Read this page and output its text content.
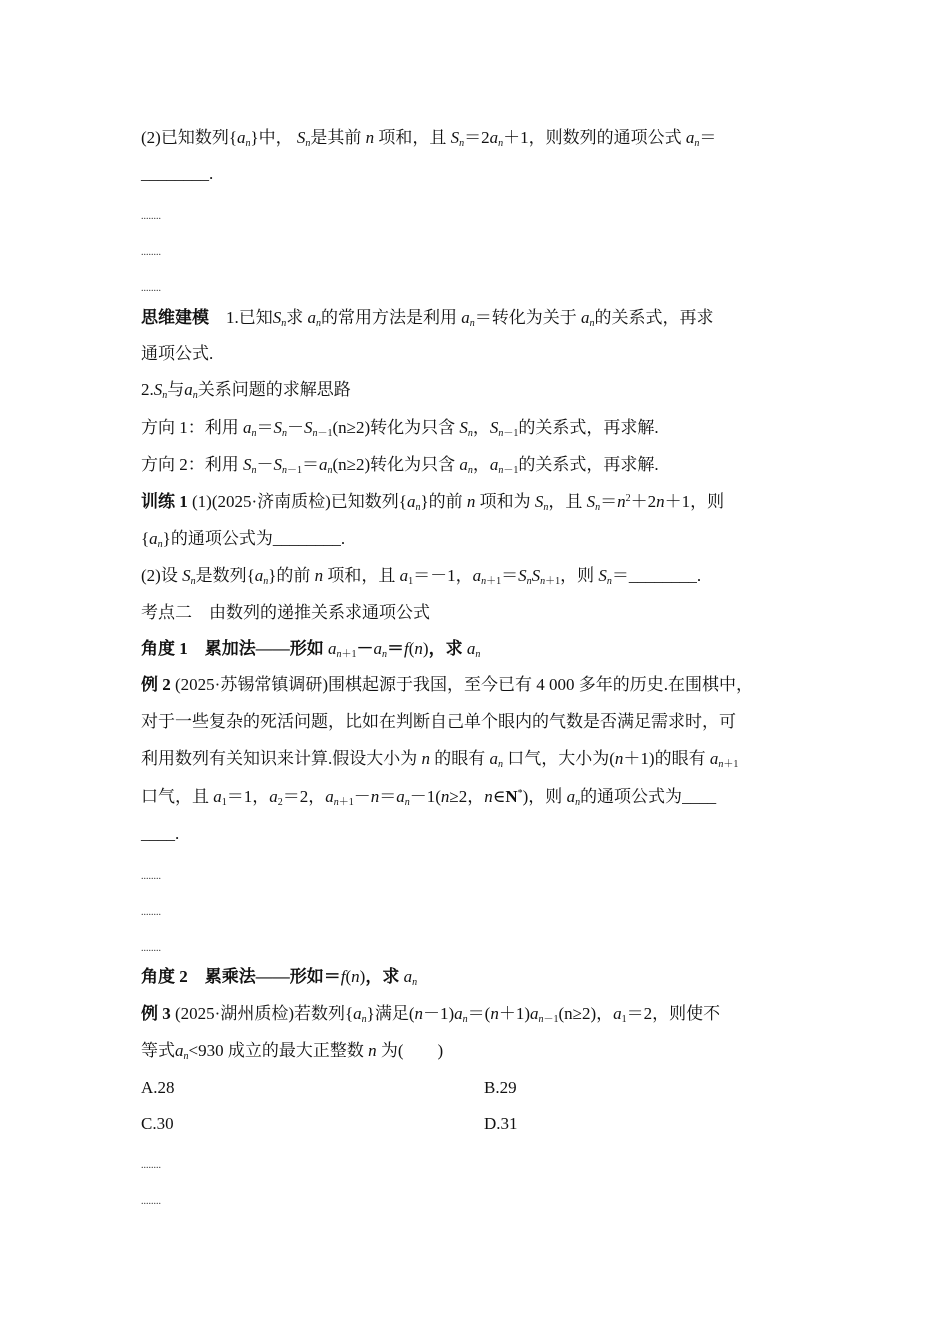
(2)已知数列$\{a_n\}$中， $S_n$是其前 n 项和，且 $S_n=2a_n+1$，则数列的通项公式 $a_n=$
________.
........
........
........
思维建模 1.已知$S_n$求 $a_n$的常用方法是利用 $a_n=$转化为关于 $a_n$的关系式，再求
通项公式.
$2.S_n$与$a_n$关系问题的求解思路
方向 1：利用 $a_n=S_n-S_{n-1}(n\ge 2)$转化为只含 $S_n$，$S_{n-1}$的关系式，再求解.
方向 2：利用 $S_n-S_{n-1}=a_n(n\ge 2)$转化为只含 $a_n$，$a_{n-1}$的关系式，再求解.
训练 1 (1)(2025·济南质检)已知数列$\{a_n\}$的前 n 项和为 $S_n$，且 $S_n=n^2+2n+1$，则
$\{a_n\}$的通项公式为________.
(2)设 $S_n$是数列$\{a_n\}$的前 n 项和，且 $a_1=-1$，$a_{n+1}=S_nS_{n+1}$，则 $S_n=\_\_\_\_\_\_\_\_$.
考点二　由数列的递推关系求通项公式
角度 1　累加法——形如 $a_{n+1}-a_n=f(n)$，求 $a_n$
例 2 (2025·苏锡常镇调研)围棋起源于我国，至今已有 4 000 多年的历史.在围棋中，
对于一些复杂的死活问题，比如在判断自己单个眼内的气数是否满足需求时，可
利用数列有关知识来计算.假设大小为 n 的眼有 $a_n$ 口气，大小为(n＋1)的眼有 $a_{n+1}$
口气，且 $a_1=1$，$a_2=2$，$a_{n+1}-n=a_n-1(n\ge 2$，n∈N*)，则 $a_n$的通项公式为____
____.
........
........
........
角度 2　累乘法——形如＝f(n)，求 $a_n$
例 3 (2025·湖州质检)若数列$\{a_n\}$满足$(n-1)a_n=(n+1)a_{n-1}(n\ge 2)$，$a_1=2$，则使不
等式$a_n<930$ 成立的最大正整数 n 为(　　)
A.28	B.29
C.30	D.31
........
........
